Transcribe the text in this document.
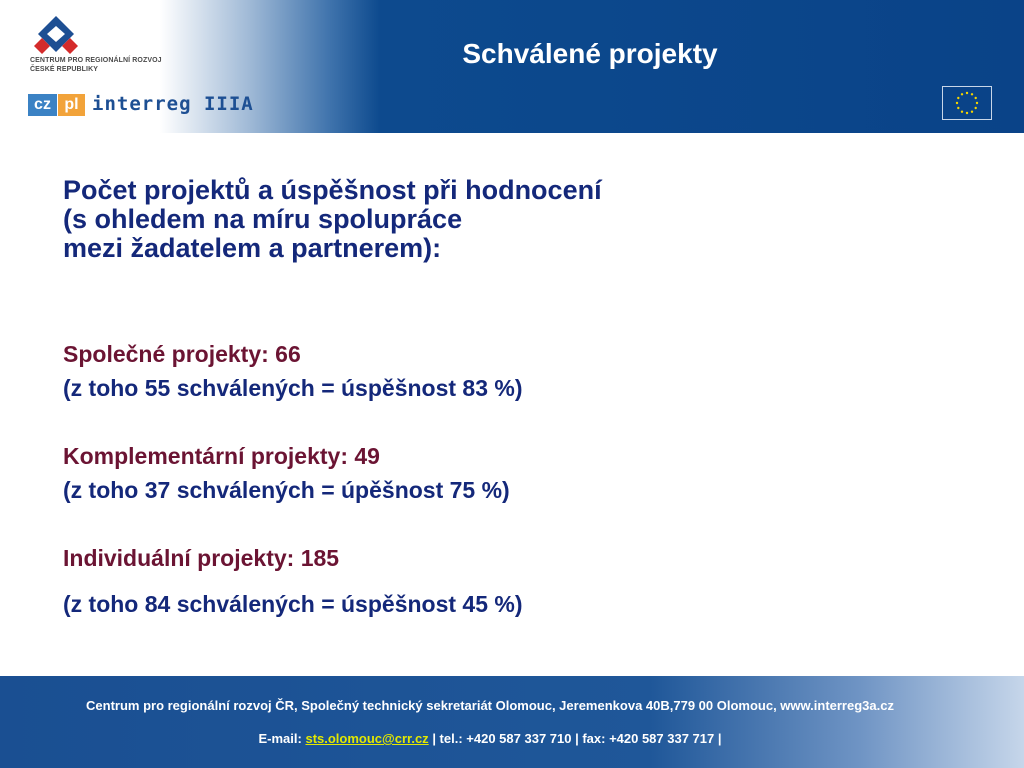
CENTRUM PRO REGIONÁLNÍ ROZVOJ
ČESKÉ REPUBLIKY
cz pl interreg IIIA
Schválené projekty
Počet projektů a úspěšnost při hodnocení
(s ohledem na míru spolupráce
mezi žadatelem a partnerem):
Společné projekty: 66
(z toho 55 schválených = úspěšnost 83 %)
Komplementární projekty: 49
(z toho 37 schválených = úpěšnost 75 %)
Individuální projekty: 185
(z toho 84 schválených = úspěšnost 45 %)
Centrum pro regionální rozvoj ČR, Společný technický sekretariát Olomouc, Jeremenkova 40B,779 00 Olomouc, www.interreg3a.cz
E-mail: sts.olomouc@crr.cz | tel.: +420 587 337 710 | fax: +420 587 337 717 |
